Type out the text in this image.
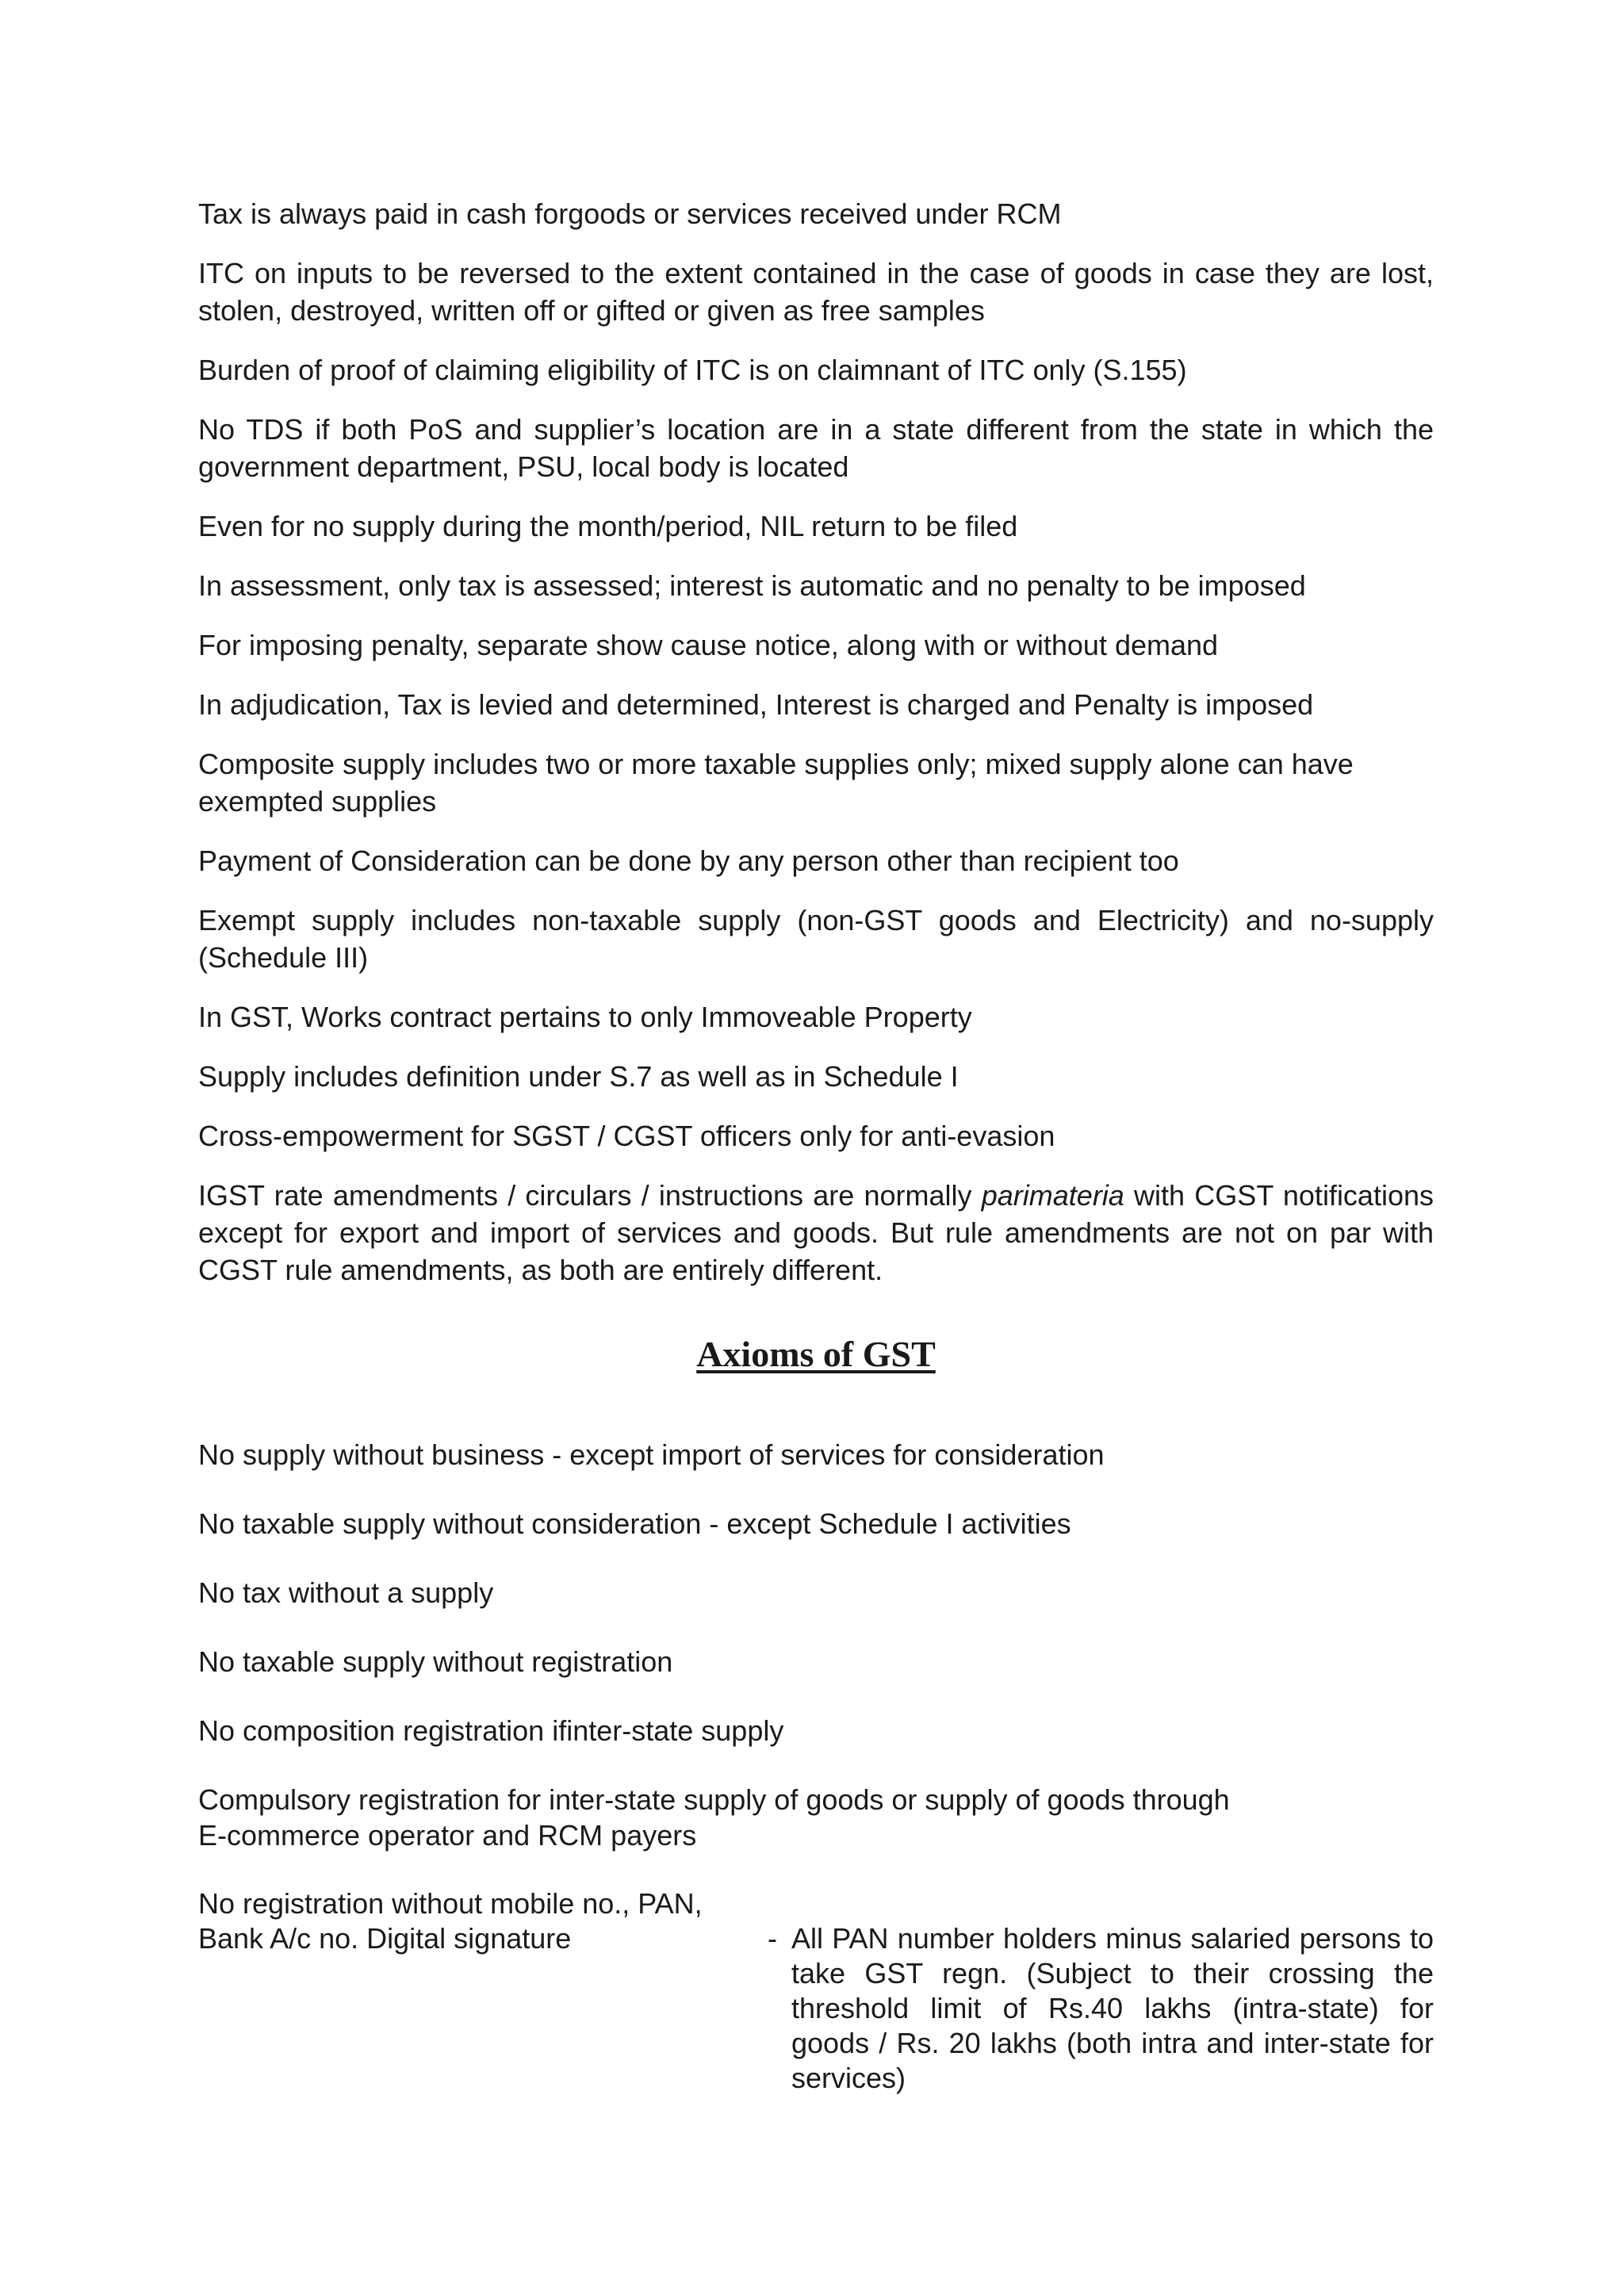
Tax is always paid in cash forgoods or services received under RCM

ITC on inputs to be reversed to the extent contained in the case of goods in case they are lost, stolen, destroyed, written off or gifted or given as free samples

Burden of proof of claiming eligibility of ITC is on claimnant of ITC only (S.155)

No TDS if both PoS and supplier’s location are in a state different from the state in which the government department, PSU, local body is located

Even for no supply during the month/period, NIL return to be filed

In assessment, only tax is assessed; interest is automatic and no penalty to be imposed

For imposing penalty, separate show cause notice, along with or without demand

In adjudication, Tax is levied and determined, Interest is charged and Penalty is imposed

Composite supply includes two or more taxable supplies only; mixed supply alone can have exempted supplies

Payment of Consideration can be done by any person other than recipient too

Exempt supply includes non-taxable supply (non-GST goods and Electricity) and no-supply (Schedule III)

In GST, Works contract pertains to only Immoveable Property

Supply includes definition under S.7 as well as in Schedule I

Cross-empowerment for SGST / CGST officers only for anti-evasion

IGST rate amendments / circulars / instructions are normally parimateria with CGST notifications except for export and import of services and goods. But rule amendments are not on par with CGST rule amendments, as both are entirely different.

Axioms of GST
No supply without business - except import of services for consideration
No taxable supply without consideration - except Schedule I activities
No tax without a supply
No taxable supply without registration
No composition registration ifinter-state supply
Compulsory registration for inter-state supply of goods or supply of goods through
E-commerce operator and RCM payers
No registration without mobile no., PAN,
Bank A/c no. Digital signature	- All PAN number holders minus salaried persons to take GST regn. (Subject to their crossing the threshold limit of Rs.40 lakhs (intra-state) for goods / Rs. 20 lakhs (both intra and inter-state for services)
